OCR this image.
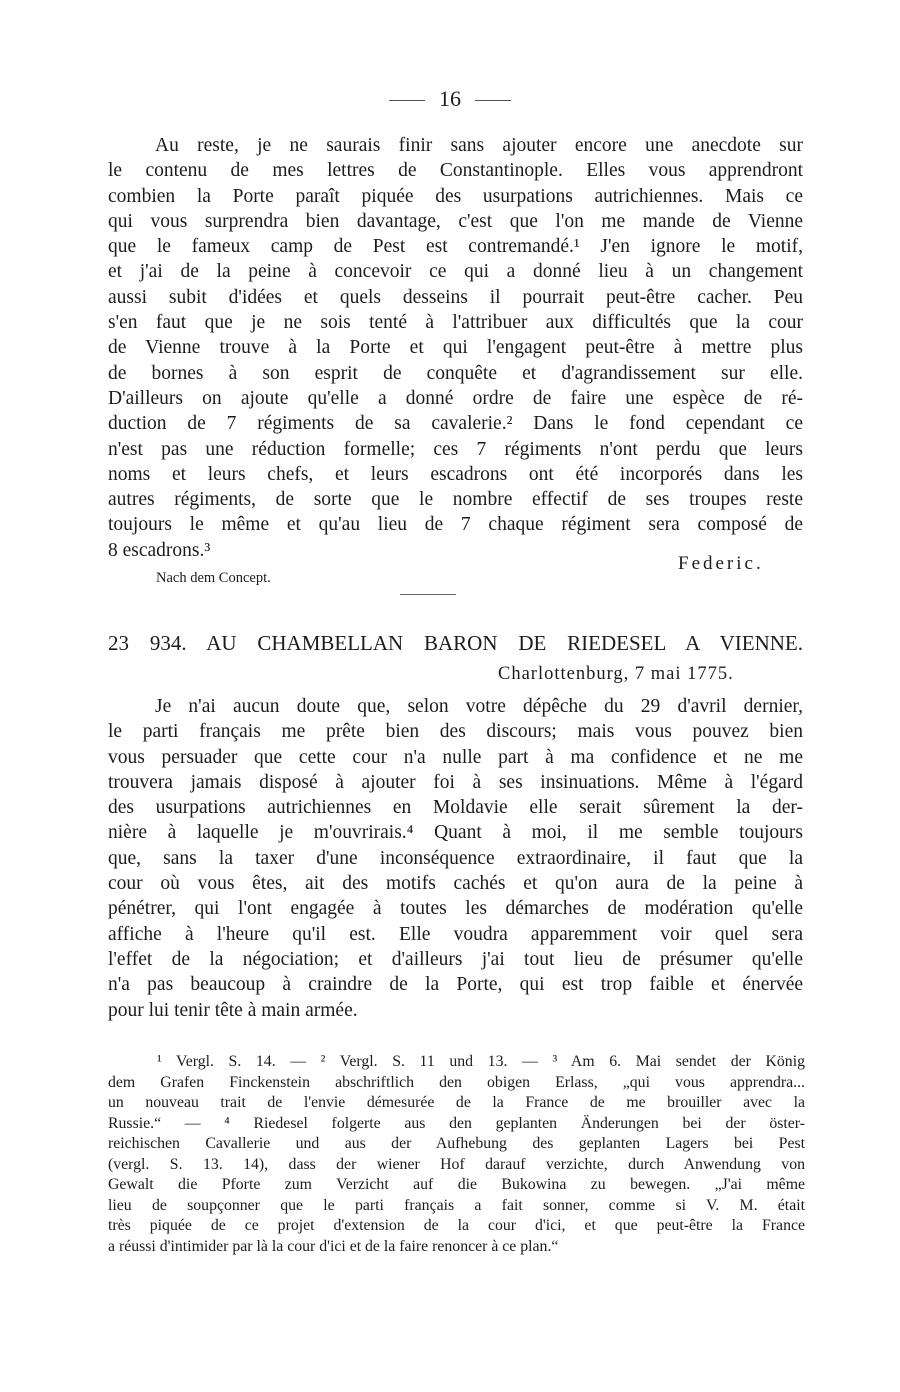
16
Au reste, je ne saurais finir sans ajouter encore une anecdote sur
le contenu de mes lettres de Constantinople. Elles vous apprendront
combien la Porte paraît piquée des usurpations autrichiennes. Mais ce
qui vous surprendra bien davantage, c'est que l'on me mande de Vienne
que le fameux camp de Pest est contremandé.¹ J'en ignore le motif,
et j'ai de la peine à concevoir ce qui a donné lieu à un changement
aussi subit d'idées et quels desseins il pourrait peut-être cacher. Peu
s'en faut que je ne sois tenté à l'attribuer aux difficultés que la cour
de Vienne trouve à la Porte et qui l'engagent peut-être à mettre plus
de bornes à son esprit de conquête et d'agrandissement sur elle.
D'ailleurs on ajoute qu'elle a donné ordre de faire une espèce de ré-
duction de 7 régiments de sa cavalerie.² Dans le fond cependant ce
n'est pas une réduction formelle; ces 7 régiments n'ont perdu que leurs
noms et leurs chefs, et leurs escadrons ont été incorporés dans les
autres régiments, de sorte que le nombre effectif de ses troupes reste
toujours le même et qu'au lieu de 7 chaque régiment sera composé de
8 escadrons.³
Federic.
Nach dem Concept.
23 934. AU CHAMBELLAN BARON DE RIEDESEL A VIENNE.
Charlottenburg, 7 mai 1775.
Je n'ai aucun doute que, selon votre dépêche du 29 d'avril dernier,
le parti français me prête bien des discours; mais vous pouvez bien
vous persuader que cette cour n'a nulle part à ma confidence et ne me
trouvera jamais disposé à ajouter foi à ses insinuations. Même à l'égard
des usurpations autrichiennes en Moldavie elle serait sûrement la der-
nière à laquelle je m'ouvrirais.⁴ Quant à moi, il me semble toujours
que, sans la taxer d'une inconséquence extraordinaire, il faut que la
cour où vous êtes, ait des motifs cachés et qu'on aura de la peine à
pénétrer, qui l'ont engagée à toutes les démarches de modération qu'elle
affiche à l'heure qu'il est. Elle voudra apparemment voir quel sera
l'effet de la négociation; et d'ailleurs j'ai tout lieu de présumer qu'elle
n'a pas beaucoup à craindre de la Porte, qui est trop faible et énervée
pour lui tenir tête à main armée.
¹ Vergl. S. 14. — ² Vergl. S. 11 und 13. — ³ Am 6. Mai sendet der König
dem Grafen Finckenstein abschriftlich den obigen Erlass, „qui vous apprendra...
un nouveau trait de l'envie démesurée de la France de me brouiller avec la
Russie.“ — ⁴ Riedesel folgerte aus den geplanten Änderungen bei der öster-
reichischen Cavallerie und aus der Aufhebung des geplanten Lagers bei Pest
(vergl. S. 13. 14), dass der wiener Hof darauf verzichte, durch Anwendung von
Gewalt die Pforte zum Verzicht auf die Bukowina zu bewegen. „J'ai même
lieu de soupçonner que le parti français a fait sonner, comme si V. M. était
très piquée de ce projet d'extension de la cour d'ici, et que peut-être la France
a réussi d'intimider par là la cour d'ici et de la faire renoncer à ce plan.“
